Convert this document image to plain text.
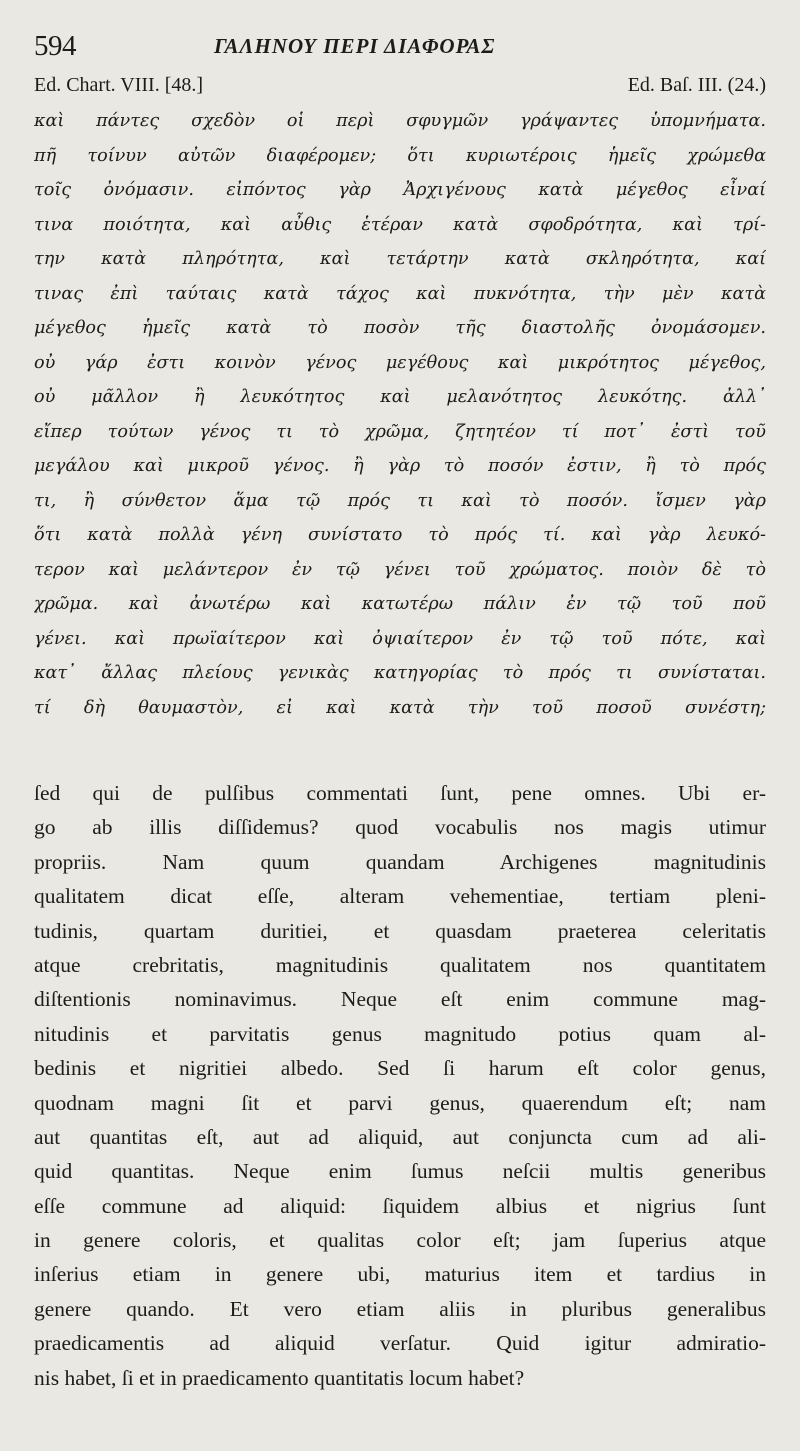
594	ΓΑΛΗΝΟΥ ΠΕΡΙ ΔΙΑΦΟΡΑΣ
Ed. Chart. VIII. [48.]	Ed. Baſ. III. (24.)
καὶ πάντες σχεδὸν οἱ περὶ σφυγμῶν γράψαντες ὑπομνήματα.
πῆ τοίνυν αὐτῶν διαφέρομεν; ὅτι κυριωτέροις ἡμεῖς χρώμεθα
τοῖς ὀνόμασιν. εἰπόντος γὰρ Ἀρχιγένους κατὰ μέγεθος εἶναί
τινα ποιότητα, καὶ αὖθις ἑτέραν κατὰ σφοδρότητα, καὶ τρί-
την κατὰ πληρότητα, καὶ τετάρτην κατὰ σκληρότητα, καί
τινας ἐπὶ ταύταις κατὰ τάχος καὶ πυκνότητα, τὴν μὲν κατὰ
μέγεθος ἡμεῖς κατὰ τὸ ποσὸν τῆς διαστολῆς ὀνομάσομεν.
οὐ γάρ ἐστι κοινὸν γένος μεγέθους καὶ μικρότητος μέγεθος,
οὐ μᾶλλον ἢ λευκότητος καὶ μελανότητος λευκότης. ἀλλ᾽
εἴπερ τούτων γένος τι τὸ χρῶμα, ζητητέον τί ποτ᾽ ἐστὶ τοῦ
μεγάλου καὶ μικροῦ γένος. ἢ γὰρ τὸ ποσόν ἐστιν, ἢ τὸ πρός
τι, ἢ σύνθετον ἅμα τῷ πρός τι καὶ τὸ ποσόν. ἴσμεν γὰρ
ὅτι κατὰ πολλὰ γένη συνίστατο τὸ πρός τί. καὶ γὰρ λευκό-
τερον καὶ μελάντερον ἐν τῷ γένει τοῦ χρώματος. ποιὸν δὲ τὸ
χρῶμα. καὶ ἀνωτέρω καὶ κατωτέρω πάλιν ἐν τῷ τοῦ ποῦ
γένει. καὶ πρωϊαίτερον καὶ ὀψιαίτερον ἐν τῷ τοῦ πότε, καὶ
κατ᾽ ἄλλας πλείους γενικὰς κατηγορίας τὸ πρός τι συνίσταται.
τί δὴ θαυμαστὸν, εἰ καὶ κατὰ τὴν τοῦ ποσοῦ συνέστη;
ſed qui de pulſibus commentati ſunt, pene omnes. Ubi er-
go ab illis diſſidemus? quod vocabulis nos magis utimur
propriis. Nam quum quandam Archigenes magnitudinis
qualitatem dicat eſſe, alteram vehementiae, tertiam pleni-
tudinis, quartam duritiei, et quasdam praeterea celeritatis
atque crebritatis, magnitudinis qualitatem nos quantitatem
diſtentionis nominavimus. Neque eſt enim commune mag-
nitudinis et parvitatis genus magnitudo potius quam al-
bedinis et nigritiei albedo. Sed ſi harum eſt color genus,
quodnam magni ſit et parvi genus, quaerendum eſt; nam
aut quantitas eſt, aut ad aliquid, aut conjuncta cum ad ali-
quid quantitas. Neque enim ſumus neſcii multis generibus
eſſe commune ad aliquid: ſiquidem albius et nigrius ſunt
in genere coloris, et qualitas color eſt; jam ſuperius atque
inſerius etiam in genere ubi, maturius item et tardius in
genere quando. Et vero etiam aliis in pluribus generalibus
praedicamentis ad aliquid verſatur. Quid igitur admiratio-
nis habet, ſi et in praedicamento quantitatis locum habet?
